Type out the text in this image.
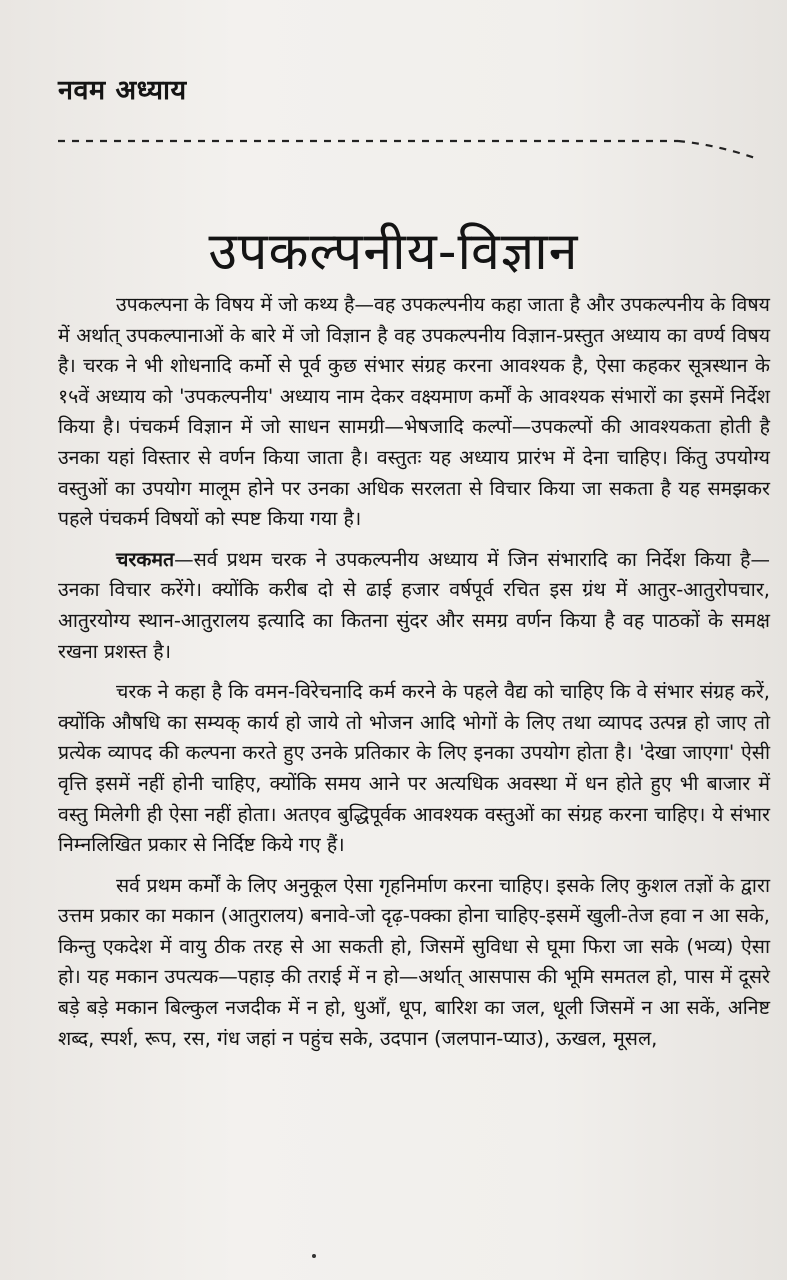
नवम अध्याय
उपकल्पनीय-विज्ञान

उपकल्पना के विषय में जो कथ्य है—वह उपकल्पनीय कहा जाता है और उपकल्पनीय के विषय में अर्थात् उपकल्पानाओं के बारे में जो विज्ञान है वह उपकल्पनीय विज्ञान-प्रस्तुत अध्याय का वर्ण्य विषय है। चरक ने भी शोधनादि कर्मो से पूर्व कुछ संभार संग्रह करना आवश्यक है, ऐसा कहकर सूत्रस्थान के १५वें अध्याय को 'उपकल्पनीय' अध्याय नाम देकर वक्ष्यमाण कर्मों के आवश्यक संभारों का इसमें निर्देश किया है। पंचकर्म विज्ञान में जो साधन सामग्री—भेषजादि कल्पों—उपकल्पों की आवश्यकता होती है उनका यहां विस्तार से वर्णन किया जाता है। वस्तुतः यह अध्याय प्रारंभ में देना चाहिए। किंतु उपयोग्य वस्तुओं का उपयोग मालूम होने पर उनका अधिक सरलता से विचार किया जा सकता है यह समझकर पहले पंचकर्म विषयों को स्पष्ट किया गया है।

चरकमत—सर्व प्रथम चरक ने उपकल्पनीय अध्याय में जिन संभारादि का निर्देश किया है—उनका विचार करेंगे। क्योंकि करीब दो से ढाई हजार वर्षपूर्व रचित इस ग्रंथ में आतुर-आतुरोपचार, आतुरयोग्य स्थान-आतुरालय इत्यादि का कितना सुंदर और समग्र वर्णन किया है वह पाठकों के समक्ष रखना प्रशस्त है।

चरक ने कहा है कि वमन-विरेचनादि कर्म करने के पहले वैद्य को चाहिए कि वे संभार संग्रह करें, क्योंकि औषधि का सम्यक् कार्य हो जाये तो भोजन आदि भोगों के लिए तथा व्यापद उत्पन्न हो जाए तो प्रत्येक व्यापद की कल्पना करते हुए उनके प्रतिकार के लिए इनका उपयोग होता है। 'देखा जाएगा' ऐसी वृत्ति इसमें नहीं होनी चाहिए, क्योंकि समय आने पर अत्यधिक अवस्था में धन होते हुए भी बाजार में वस्तु मिलेगी ही ऐसा नहीं होता। अतएव बुद्धिपूर्वक आवश्यक वस्तुओं का संग्रह करना चाहिए। ये संभार निम्नलिखित प्रकार से निर्दिष्ट किये गए हैं।

सर्व प्रथम कर्मों के लिए अनुकूल ऐसा गृहनिर्माण करना चाहिए। इसके लिए कुशल तज्ञों के द्वारा उत्तम प्रकार का मकान (आतुरालय) बनावे-जो दृढ़-पक्का होना चाहिए-इसमें खुली-तेज हवा न आ सके, किन्तु एकदेश में वायु ठीक तरह से आ सकती हो, जिसमें सुविधा से घूमा फिरा जा सके (भव्य) ऐसा हो। यह मकान उपत्यक—पहाड़ की तराई में न हो—अर्थात् आसपास की भूमि समतल हो, पास में दूसरे बड़े बड़े मकान बिल्कुल नजदीक में न हो, धुआँ, धूप, बारिश का जल, धूली जिसमें न आ सकें, अनिष्ट शब्द, स्पर्श, रूप, रस, गंध जहां न पहुंच सके, उदपान (जलपान-प्याउ), ऊखल, मूसल,
